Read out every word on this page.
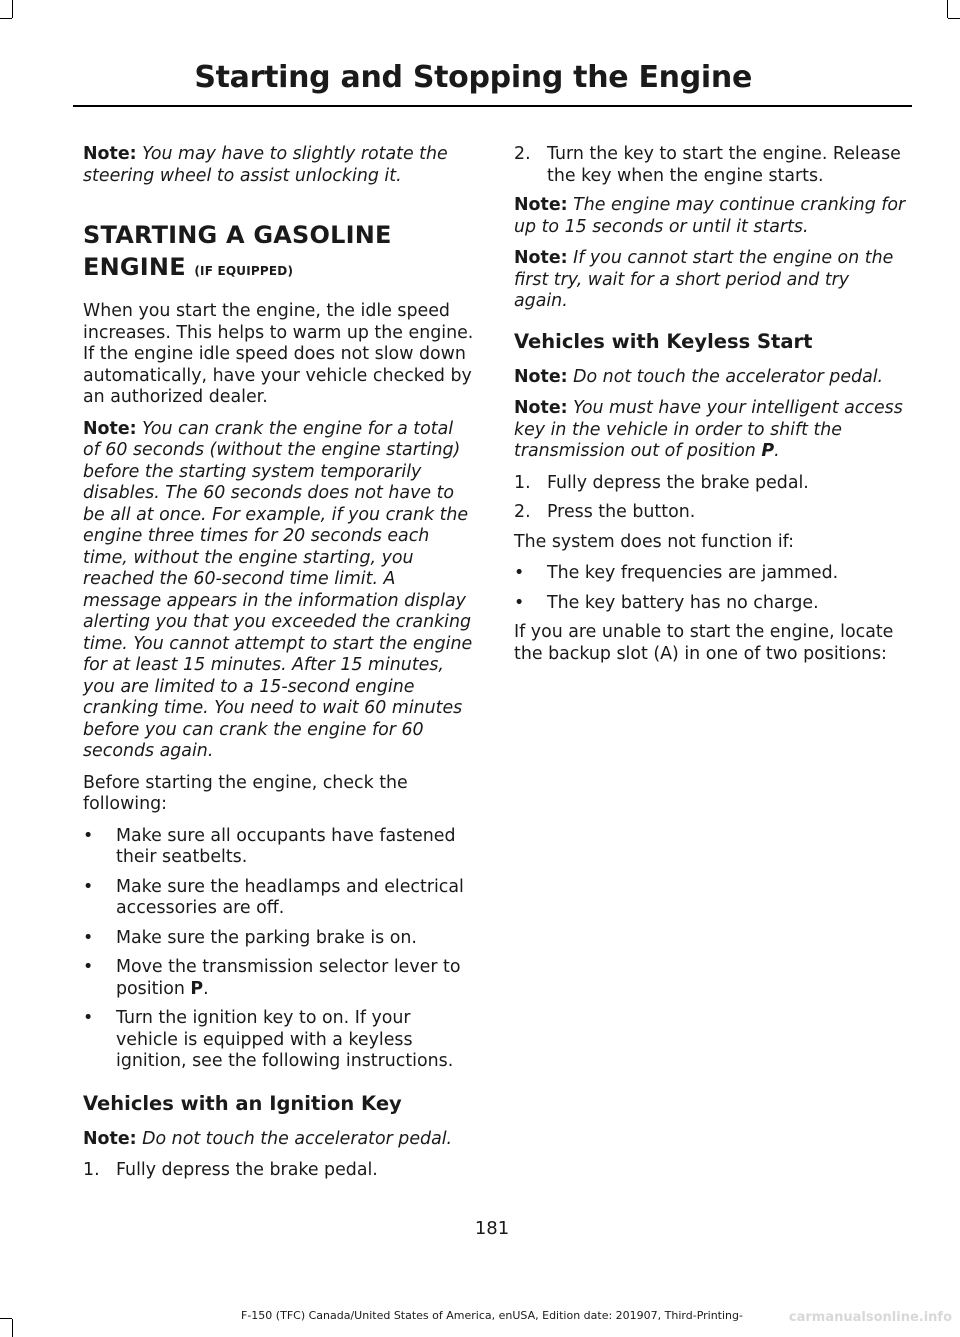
Starting and Stopping the Engine

Note: You may have to slightly rotate the steering wheel to assist unlocking it.

STARTING A GASOLINE ENGINE (IF EQUIPPED)

When you start the engine, the idle speed increases. This helps to warm up the engine. If the engine idle speed does not slow down automatically, have your vehicle checked by an authorized dealer.

Note: You can crank the engine for a total of 60 seconds (without the engine starting) before the starting system temporarily disables. The 60 seconds does not have to be all at once. For example, if you crank the engine three times for 20 seconds each time, without the engine starting, you reached the 60-second time limit. A message appears in the information display alerting you that you exceeded the cranking time. You cannot attempt to start the engine for at least 15 minutes. After 15 minutes, you are limited to a 15-second engine cranking time. You need to wait 60 minutes before you can crank the engine for 60 seconds again.

Before starting the engine, check the following:

• Make sure all occupants have fastened their seatbelts.
• Make sure the headlamps and electrical accessories are off.
• Make sure the parking brake is on.
• Move the transmission selector lever to position P.
• Turn the ignition key to on. If your vehicle is equipped with a keyless ignition, see the following instructions.
Vehicles with an Ignition Key

Note: Do not touch the accelerator pedal.

1. Fully depress the brake pedal.
2. Turn the key to start the engine. Release the key when the engine starts.

Note: The engine may continue cranking for up to 15 seconds or until it starts.

Note: If you cannot start the engine on the first try, wait for a short period and try again.

Vehicles with Keyless Start

Note: Do not touch the accelerator pedal.

Note: You must have your intelligent access key in the vehicle in order to shift the transmission out of position P.

1. Fully depress the brake pedal.
2. Press the button.

The system does not function if:

• The key frequencies are jammed.
• The key battery has no charge.

If you are unable to start the engine, locate the backup slot (A) in one of two positions:

181
F-150 (TFC) Canada/United States of America, enUSA, Edition date: 201907, Third-Printing-	carmanualsonline.info
